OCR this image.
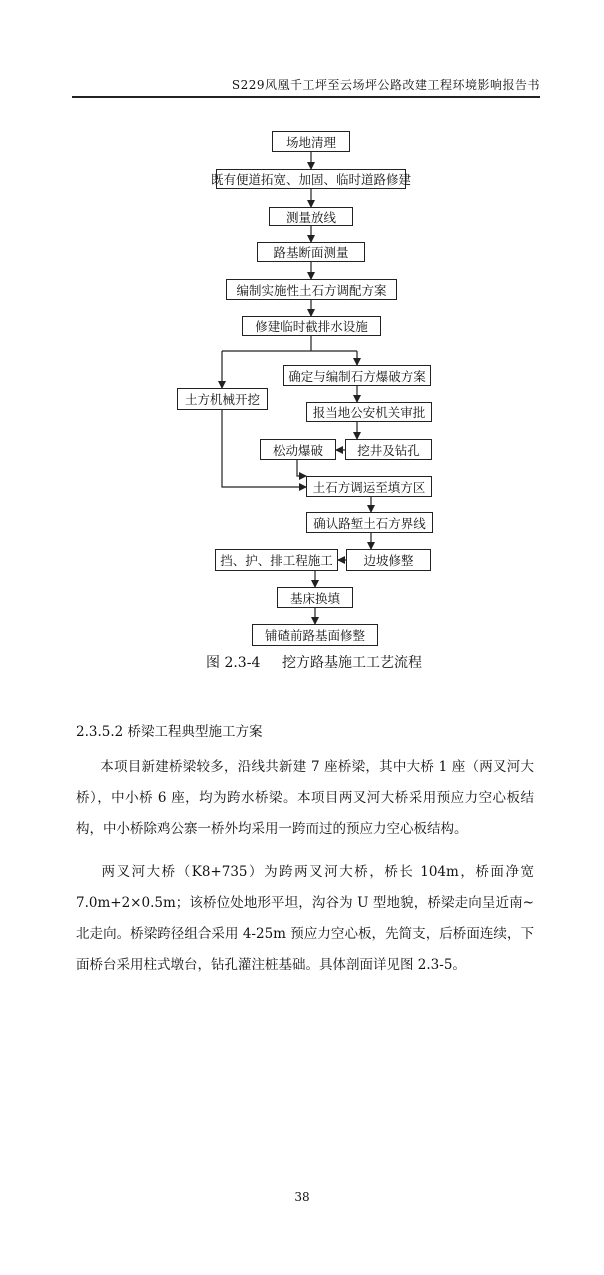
S229风凰千工坪至云场坪公路改建工程环境影响报告书
场地清理
既有便道拓宽、加固、临时道路修建
测量放线
路基断面测量
编制实施性土石方调配方案
修建临时截排水设施
确定与编制石方爆破方案
土方机械开挖
报当地公安机关审批
松动爆破	挖井及钻孔
土石方调运至填方区
确认路堑土石方界线
挡、护、排工程施工	边坡修整
基床换填
铺碴前路基面修整
图 2.3-4 挖方路基施工工艺流程
2.3.5.2 桥梁工程典型施工方案
本项目新建桥梁较多，沿线共新建 7 座桥梁，其中大桥 1 座（两叉河大桥），中小桥 6 座，均为跨水桥梁。本项目两叉河大桥采用预应力空心板结构，中小桥除鸡公寨一桥外均采用一跨而过的预应力空心板结构。
两叉河大桥（K8+735）为跨两叉河大桥，桥长 104m，桥面净宽 7.0m+2×0.5m；该桥位处地形平坦，沟谷为 U 型地貌，桥梁走向呈近南~北走向。桥梁跨径组合采用 4-25m 预应力空心板，先简支，后桥面连续，下面桥台采用柱式墩台，钻孔灌注桩基础。具体剖面详见图 2.3-5。
38
